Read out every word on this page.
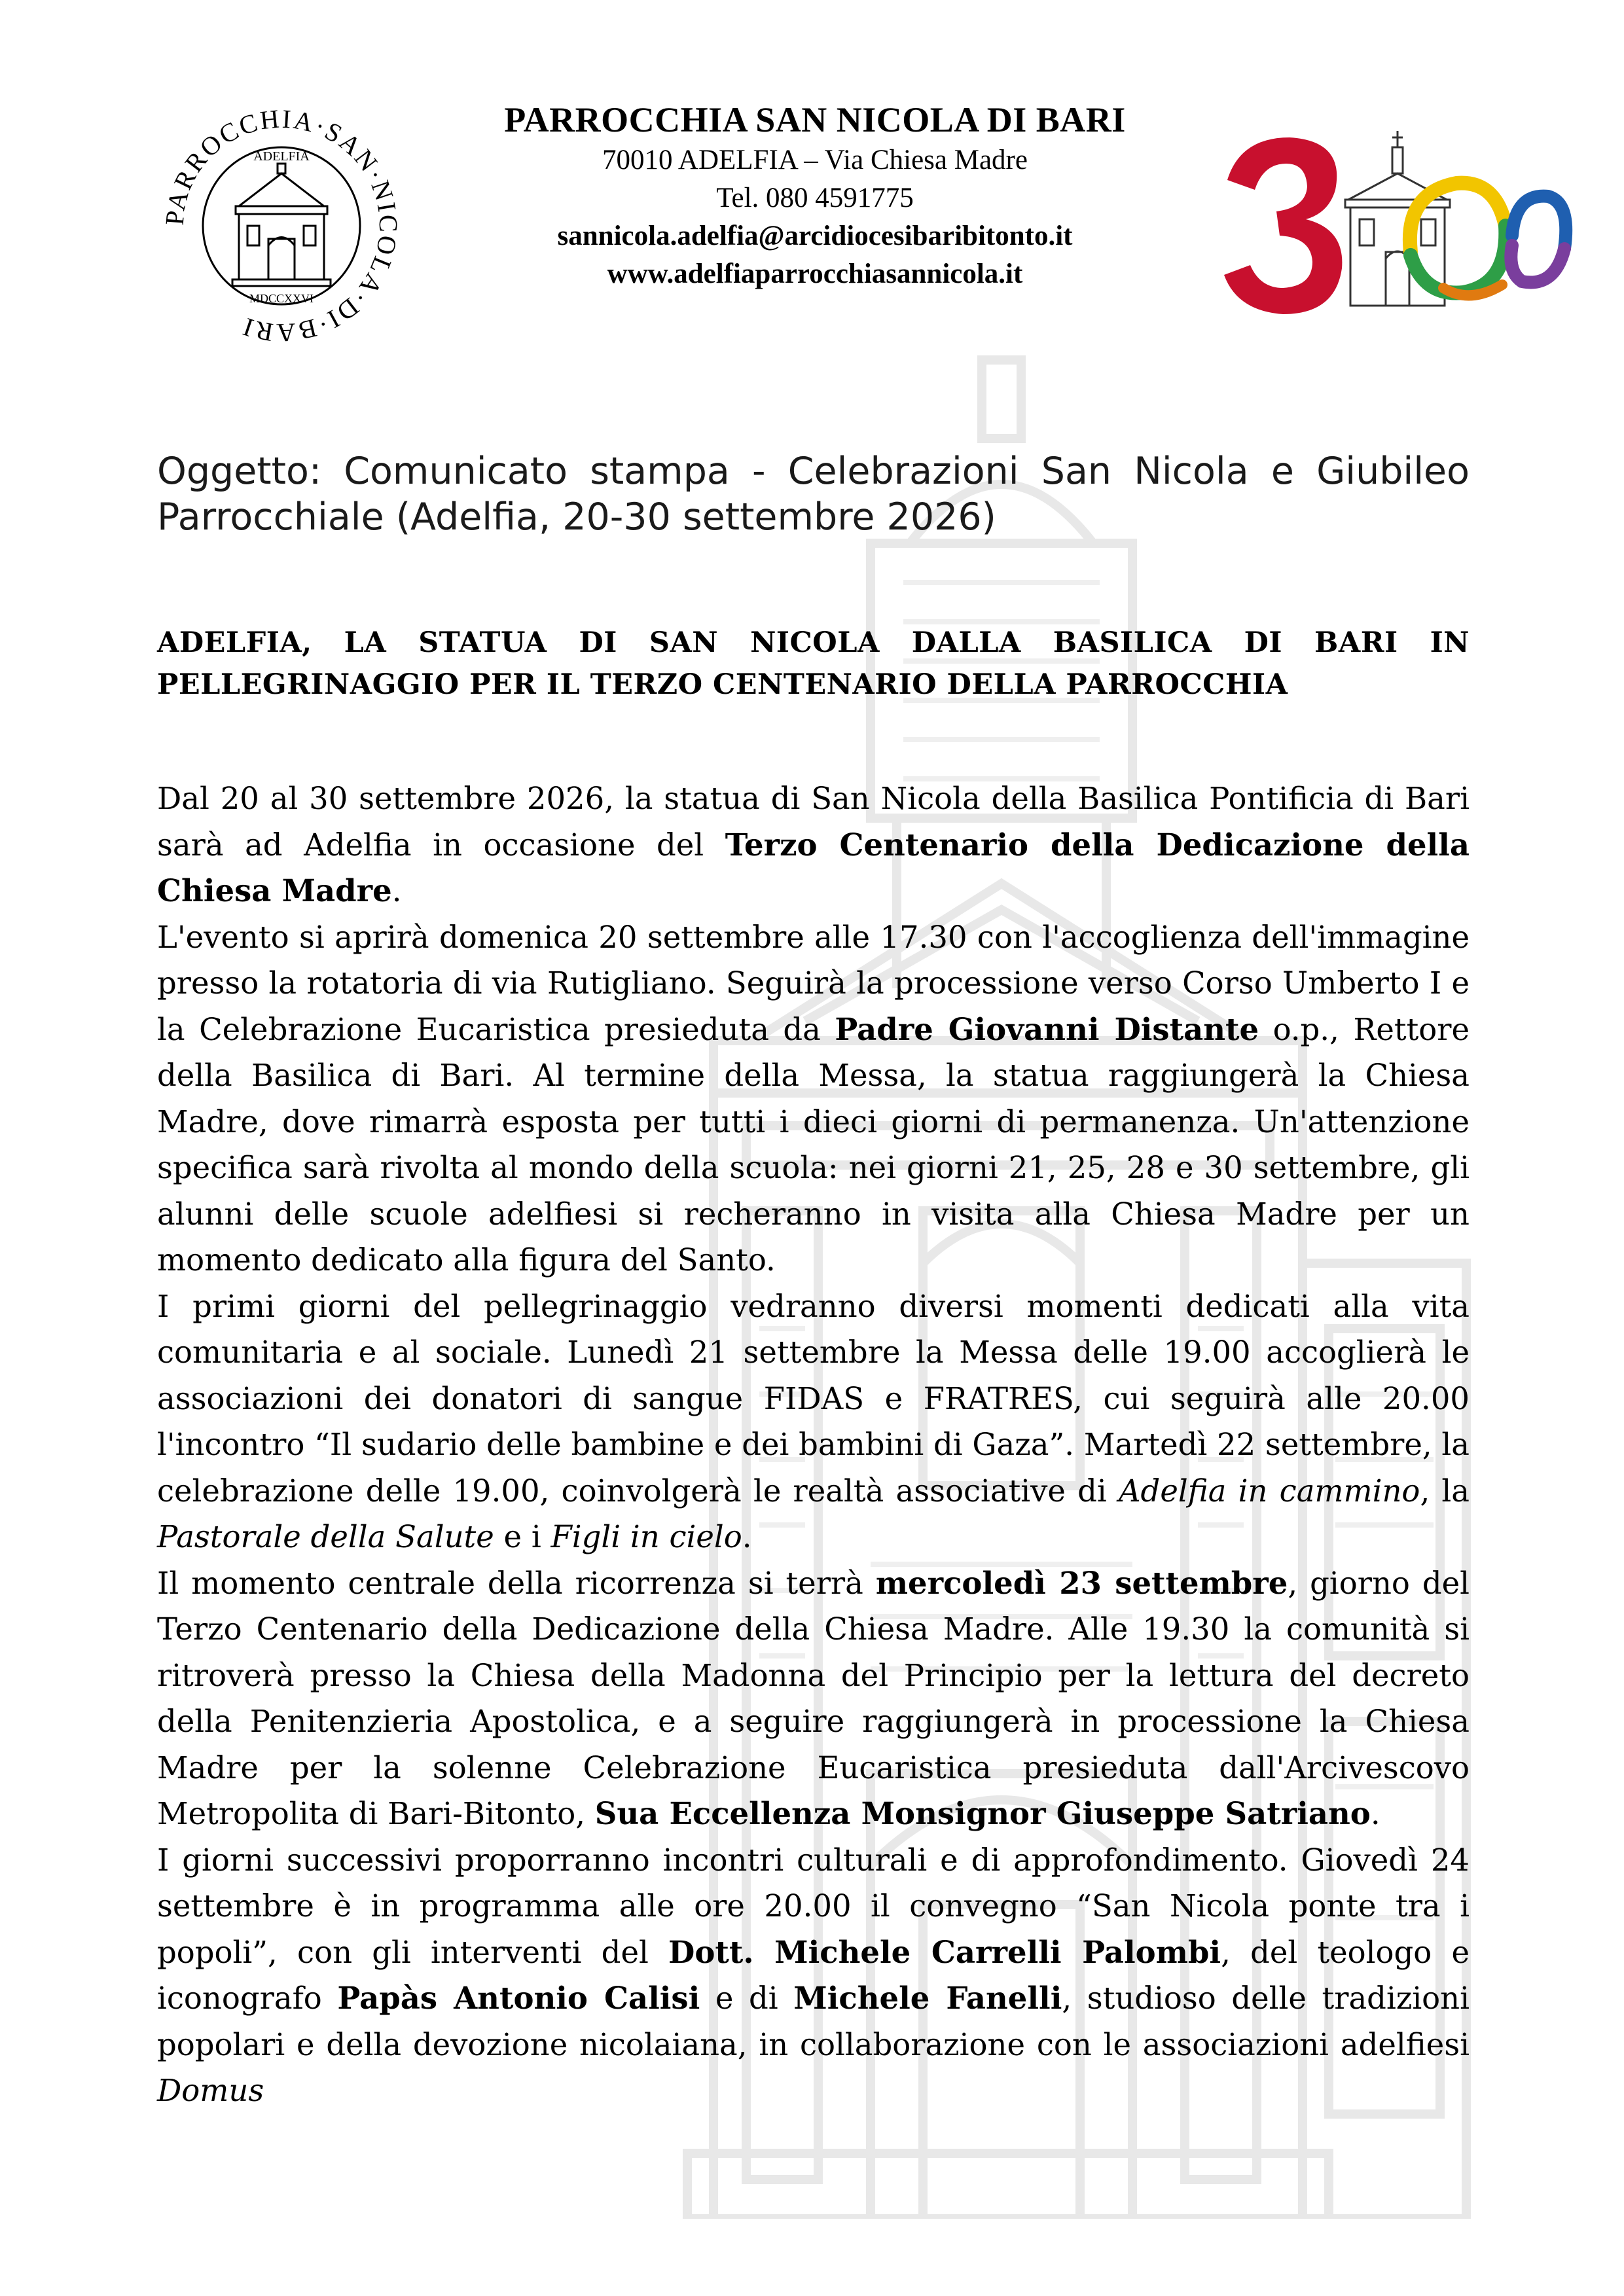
PARROCCHIA·SAN·NICOLA·DI·BARI
ADELFIA
MDCCXXVI
PARROCCHIA SAN NICOLA DI BARI
70010 ADELFIA – Via Chiesa Madre
Tel. 080 4591775
sannicola.adelfia@arcidiocesibaribitonto.it
www.adelfiaparrocchiasannicola.it
Oggetto: Comunicato stampa - Celebrazioni San Nicola e Giubileo Parrocchiale (Adelfia, 20-30 settembre 2026)
ADELFIA, LA STATUA DI SAN NICOLA DALLA BASILICA DI BARI IN PELLEGRINAGGIO PER IL TERZO CENTENARIO DELLA PARROCCHIA

Dal 20 al 30 settembre 2026, la statua di San Nicola della Basilica Pontificia di Bari sarà ad Adelfia in occasione del Terzo Centenario della Dedicazione della Chiesa Madre.

L'evento si aprirà domenica 20 settembre alle 17.30 con l'accoglienza dell'immagine presso la rotatoria di via Rutigliano. Seguirà la processione verso Corso Umberto I e la Celebrazione Eucaristica presieduta da Padre Giovanni Distante o.p., Rettore della Basilica di Bari. Al termine della Messa, la statua raggiungerà la Chiesa Madre, dove rimarrà esposta per tutti i dieci giorni di permanenza. Un'attenzione specifica sarà rivolta al mondo della scuola: nei giorni 21, 25, 28 e 30 settembre, gli alunni delle scuole adelfiesi si recheranno in visita alla Chiesa Madre per un momento dedicato alla figura del Santo.

I primi giorni del pellegrinaggio vedranno diversi momenti dedicati alla vita comunitaria e al sociale. Lunedì 21 settembre la Messa delle 19.00 accoglierà le associazioni dei donatori di sangue FIDAS e FRATRES, cui seguirà alle 20.00 l'incontro “Il sudario delle bambine e dei bambini di Gaza”. Martedì 22 settembre, la celebrazione delle 19.00, coinvolgerà le realtà associative di Adelfia in cammino, la Pastorale della Salute e i Figli in cielo.

Il momento centrale della ricorrenza si terrà mercoledì 23 settembre, giorno del Terzo Centenario della Dedicazione della Chiesa Madre. Alle 19.30 la comunità si ritroverà presso la Chiesa della Madonna del Principio per la lettura del decreto della Penitenzieria Apostolica, e a seguire raggiungerà in processione la Chiesa Madre per la solenne Celebrazione Eucaristica presieduta dall'Arcivescovo Metropolita di Bari-Bitonto, Sua Eccellenza Monsignor Giuseppe Satriano.

I giorni successivi proporranno incontri culturali e di approfondimento. Giovedì 24 settembre è in programma alle ore 20.00 il convegno “San Nicola ponte tra i popoli”, con gli interventi del Dott. Michele Carrelli Palombi, del teologo e iconografo Papàs Antonio Calisi e di Michele Fanelli, studioso delle tradizioni popolari e della devozione nicolaiana, in collaborazione con le associazioni adelfiesi Domus
